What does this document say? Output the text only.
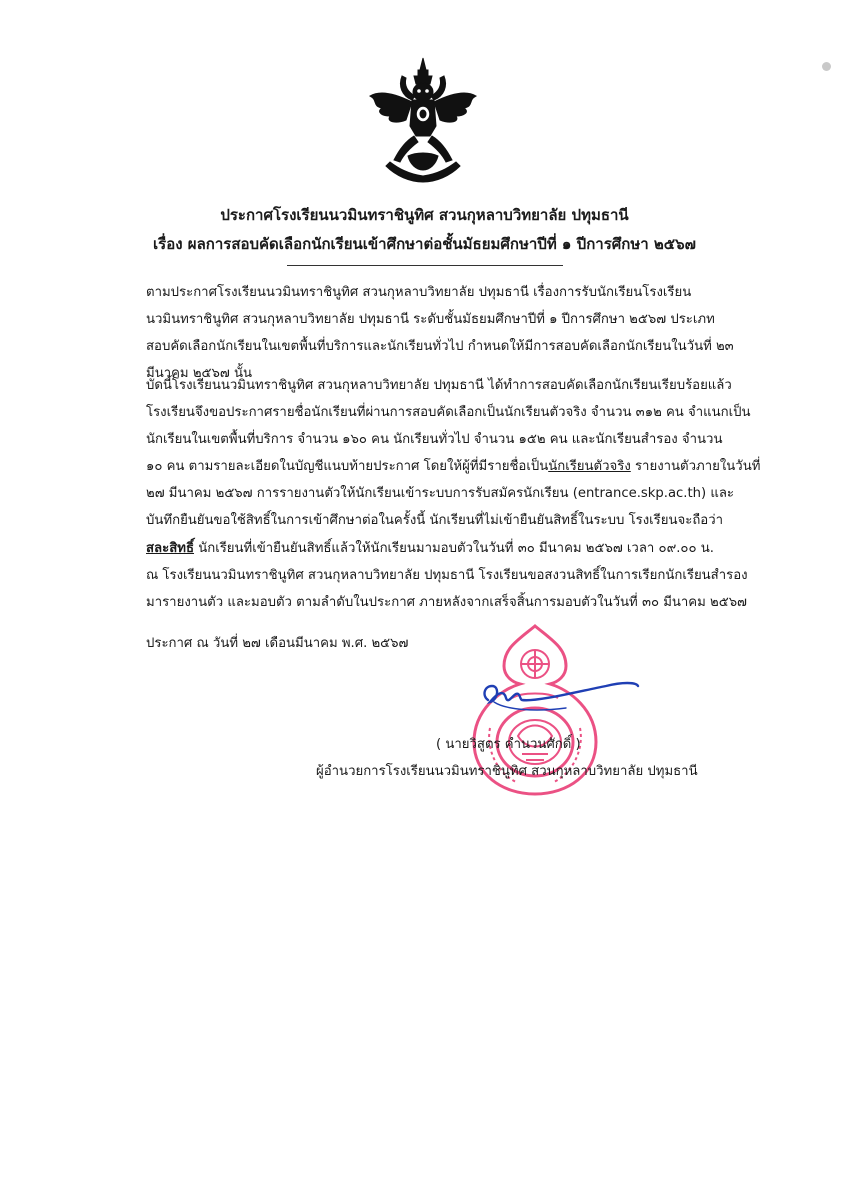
ประกาศโรงเรียนนวมินทราชินูทิศ สวนกุหลาบวิทยาลัย ปทุมธานี
เรื่อง ผลการสอบคัดเลือกนักเรียนเข้าศึกษาต่อชั้นมัธยมศึกษาปีที่ ๑ ปีการศึกษา ๒๕๖๗
ตามประกาศโรงเรียนนวมินทราชินูทิศ สวนกุหลาบวิทยาลัย ปทุมธานี เรื่องการรับนักเรียนโรงเรียน
นวมินทราชินูทิศ สวนกุหลาบวิทยาลัย ปทุมธานี ระดับชั้นมัธยมศึกษาปีที่ ๑ ปีการศึกษา ๒๕๖๗ ประเภท
สอบคัดเลือกนักเรียนในเขตพื้นที่บริการและนักเรียนทั่วไป กำหนดให้มีการสอบคัดเลือกนักเรียนในวันที่ ๒๓
มีนาคม ๒๕๖๗ นั้น
บัดนี้โรงเรียนนวมินทราชินูทิศ สวนกุหลาบวิทยาลัย ปทุมธานี ได้ทำการสอบคัดเลือกนักเรียนเรียบร้อยแล้ว
โรงเรียนจึงขอประกาศรายชื่อนักเรียนที่ผ่านการสอบคัดเลือกเป็นนักเรียนตัวจริง จำนวน ๓๑๒ คน จำแนกเป็น
นักเรียนในเขตพื้นที่บริการ จำนวน ๑๖๐ คน นักเรียนทั่วไป จำนวน ๑๕๒ คน และนักเรียนสำรอง จำนวน
๑๐ คน ตามรายละเอียดในบัญชีแนบท้ายประกาศ โดยให้ผู้ที่มีรายชื่อเป็นนักเรียนตัวจริง รายงานตัวภายในวันที่
๒๗ มีนาคม ๒๕๖๗ การรายงานตัวให้นักเรียนเข้าระบบการรับสมัครนักเรียน (entrance.skp.ac.th) และ
บันทึกยืนยันขอใช้สิทธิ์ในการเข้าศึกษาต่อในครั้งนี้ นักเรียนที่ไม่เข้ายืนยันสิทธิ์ในระบบ โรงเรียนจะถือว่า
สละสิทธิ์ นักเรียนที่เข้ายืนยันสิทธิ์แล้วให้นักเรียนมามอบตัวในวันที่ ๓๐ มีนาคม ๒๕๖๗ เวลา ๐๙.๐๐ น.
ณ โรงเรียนนวมินทราชินูทิศ สวนกุหลาบวิทยาลัย ปทุมธานี โรงเรียนขอสงวนสิทธิ์ในการเรียกนักเรียนสำรอง
มารายงานตัว และมอบตัว ตามลำดับในประกาศ ภายหลังจากเสร็จสิ้นการมอบตัวในวันที่ ๓๐ มีนาคม ๒๕๖๗
ประกาศ ณ วันที่ ๒๗ เดือนมีนาคม พ.ศ. ๒๕๖๗
( นายวิสูตร คำนวนศักดิ์ )
ผู้อำนวยการโรงเรียนนวมินทราชินูทิศ สวนกุหลาบวิทยาลัย ปทุมธานี
